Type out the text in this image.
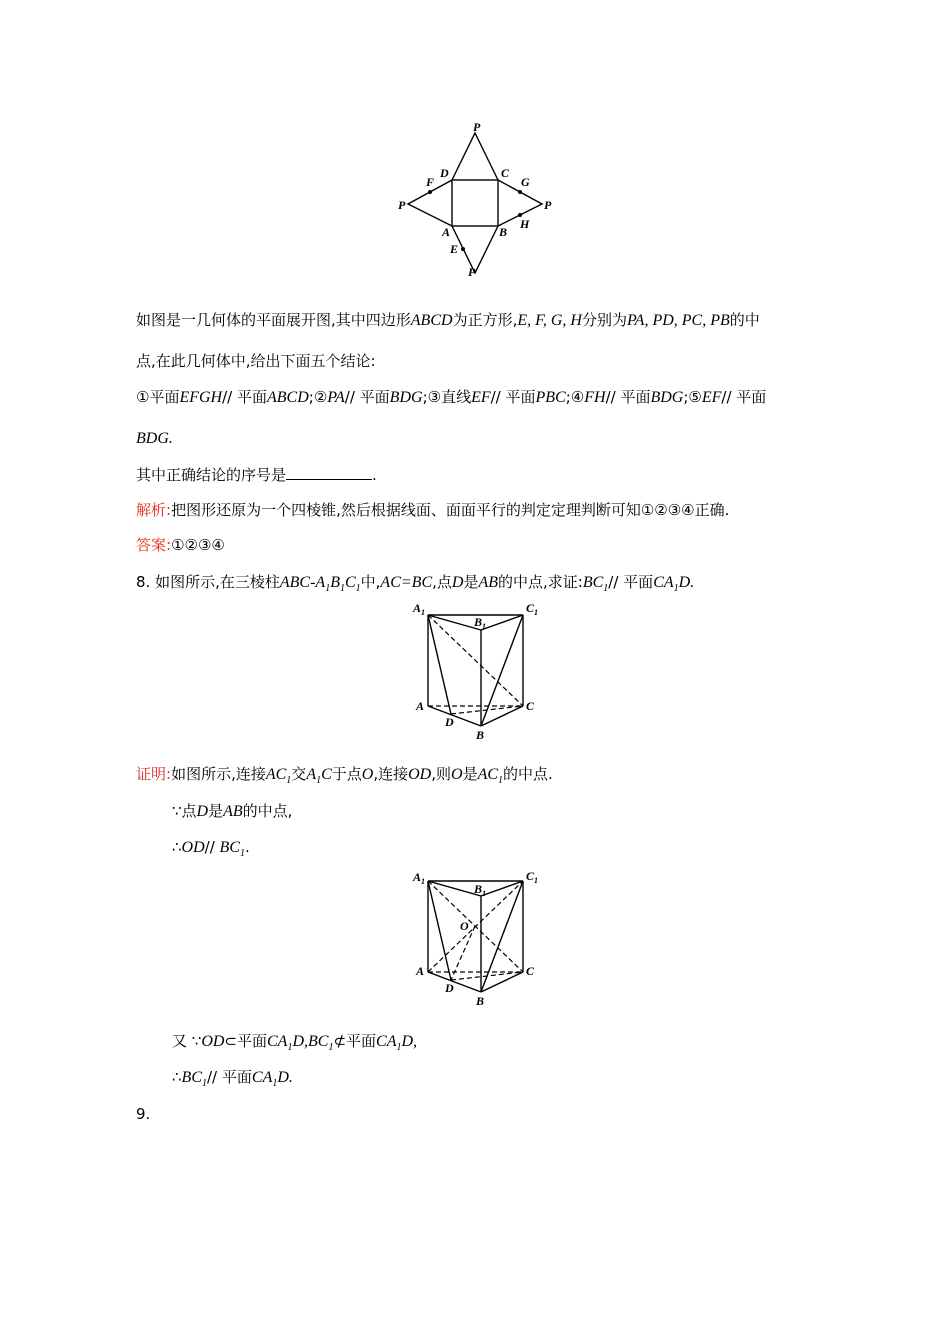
P
P	P
P
D	C
A	B
F	G
H
E
如图是一几何体的平面展开图,其中四边形ABCD为正方形,E, F, G, H分别为PA, PD, PC, PB的中
点,在此几何体中,给出下面五个结论:
①平面EFGH// 平面ABCD;②PA// 平面BDG;③直线EF// 平面PBC;④FH// 平面BDG;⑤EF// 平面
BDG.
其中正确结论的序号是	.
解析:把图形还原为一个四棱锥,然后根据线面、面面平行的判定定理判断可知①②③④正确.
答案:①②③④
8. 如图所示,在三棱柱ABC-$A_1B_1C_1$中,AC=BC,点D是AB的中点,求证$:BC_1//$ 平面$CA_1D$.
A 1
B 1
C 1
A	C
D
B
证明:如图所示,连接$AC_1$交$A_1C$于点O,连接OD,则O是$AC_1$的中点.
∵点D是AB的中点,
∴OD// $BC_1$.
A 1
B 1
C 1
O
A	C
D
B
又 ∵OD⊂平面$CA_1D,BC_1⊄$平面$CA_1D$,
$\therefore BC_1//$ 平面$CA_1D$.
9.
